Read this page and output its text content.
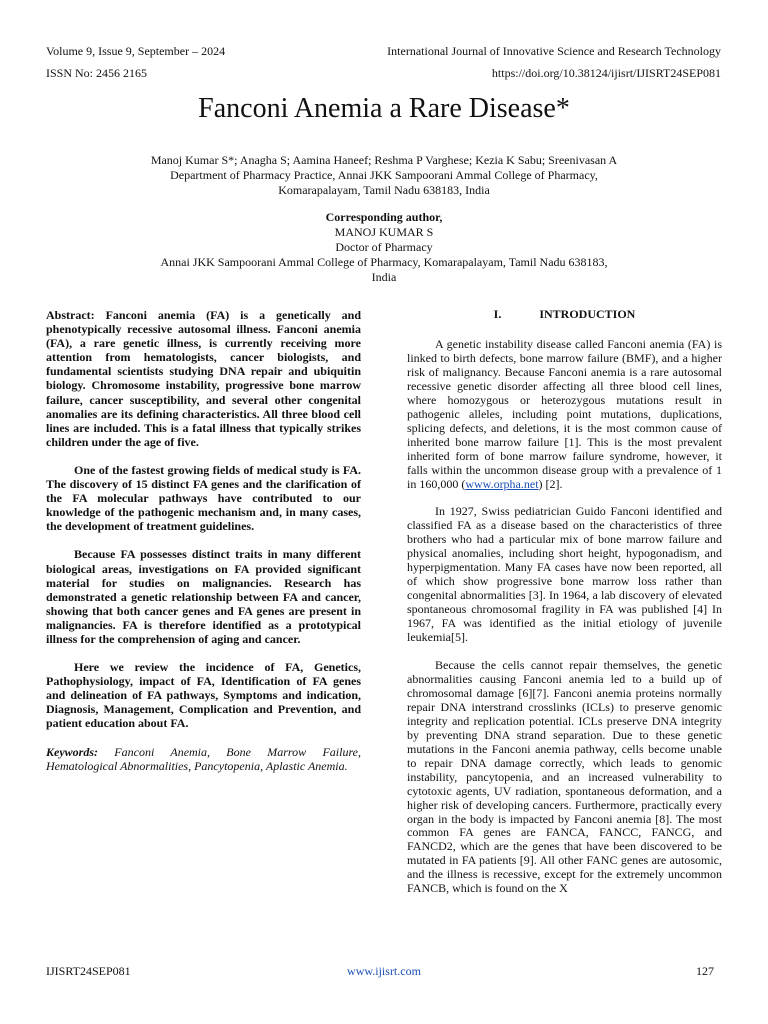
Volume 9, Issue 9, September – 2024	International Journal of Innovative Science and Research Technology
ISSN No: 2456 2165	https://doi.org/10.38124/ijisrt/IJISRT24SEP081
Fanconi Anemia a Rare Disease*
Manoj Kumar S*; Anagha S; Aamina Haneef; Reshma P Varghese; Kezia K Sabu; Sreenivasan A
Department of Pharmacy Practice, Annai JKK Sampoorani Ammal College of Pharmacy,
Komarapalayam, Tamil Nadu 638183, India
Corresponding author,
MANOJ KUMAR S
Doctor of Pharmacy
Annai JKK Sampoorani Ammal College of Pharmacy, Komarapalayam, Tamil Nadu 638183,
India

Abstract: Fanconi anemia (FA) is a genetically and phenotypically recessive autosomal illness. Fanconi anemia (FA), a rare genetic illness, is currently receiving more attention from hematologists, cancer biologists, and fundamental scientists studying DNA repair and ubiquitin biology. Chromosome instability, progressive bone marrow failure, cancer susceptibility, and several other congenital anomalies are its defining characteristics. All three blood cell lines are included. This is a fatal illness that typically strikes children under the age of five.

One of the fastest growing fields of medical study is FA. The discovery of 15 distinct FA genes and the clarification of the FA molecular pathways have contributed to our knowledge of the pathogenic mechanism and, in many cases, the development of treatment guidelines.

Because FA possesses distinct traits in many different biological areas, investigations on FA provided significant material for studies on malignancies. Research has demonstrated a genetic relationship between FA and cancer, showing that both cancer genes and FA genes are present in malignancies. FA is therefore identified as a prototypical illness for the comprehension of aging and cancer.

Here we review the incidence of FA, Genetics, Pathophysiology, impact of FA, Identification of FA genes and delineation of FA pathways, Symptoms and indication, Diagnosis, Management, Complication and Prevention, and patient education about FA.

Keywords: Fanconi Anemia, Bone Marrow Failure, Hematological Abnormalities, Pancytopenia, Aplastic Anemia.

I.	INTRODUCTION

A genetic instability disease called Fanconi anemia (FA) is linked to birth defects, bone marrow failure (BMF), and a higher risk of malignancy. Because Fanconi anemia is a rare autosomal recessive genetic disorder affecting all three blood cell lines, where homozygous or heterozygous mutations result in pathogenic alleles, including point mutations, duplications, splicing defects, and deletions, it is the most common cause of inherited bone marrow failure [1]. This is the most prevalent inherited form of bone marrow failure syndrome, however, it falls within the uncommon disease group with a prevalence of 1 in 160,000 (www.orpha.net) [2].

In 1927, Swiss pediatrician Guido Fanconi identified and classified FA as a disease based on the characteristics of three brothers who had a particular mix of bone marrow failure and physical anomalies, including short height, hypogonadism, and hyperpigmentation. Many FA cases have now been reported, all of which show progressive bone marrow loss rather than congenital abnormalities [3]. In 1964, a lab discovery of elevated spontaneous chromosomal fragility in FA was published [4] In 1967, FA was identified as the initial etiology of juvenile leukemia[5].

Because the cells cannot repair themselves, the genetic abnormalities causing Fanconi anemia led to a build up of chromosomal damage [6][7]. Fanconi anemia proteins normally repair DNA interstrand crosslinks (ICLs) to preserve genomic integrity and replication potential. ICLs preserve DNA integrity by preventing DNA strand separation. Due to these genetic mutations in the Fanconi anemia pathway, cells become unable to repair DNA damage correctly, which leads to genomic instability, pancytopenia, and an increased vulnerability to cytotoxic agents, UV radiation, spontaneous deformation, and a higher risk of developing cancers. Furthermore, practically every organ in the body is impacted by Fanconi anemia [8]. The most common FA genes are FANCA, FANCC, FANCG, and FANCD2, which are the genes that have been discovered to be mutated in FA patients [9]. All other FANC genes are autosomic, and the illness is recessive, except for the extremely uncommon FANCB, which is found on the X

IJISRT24SEP081	www.ijisrt.com	127
